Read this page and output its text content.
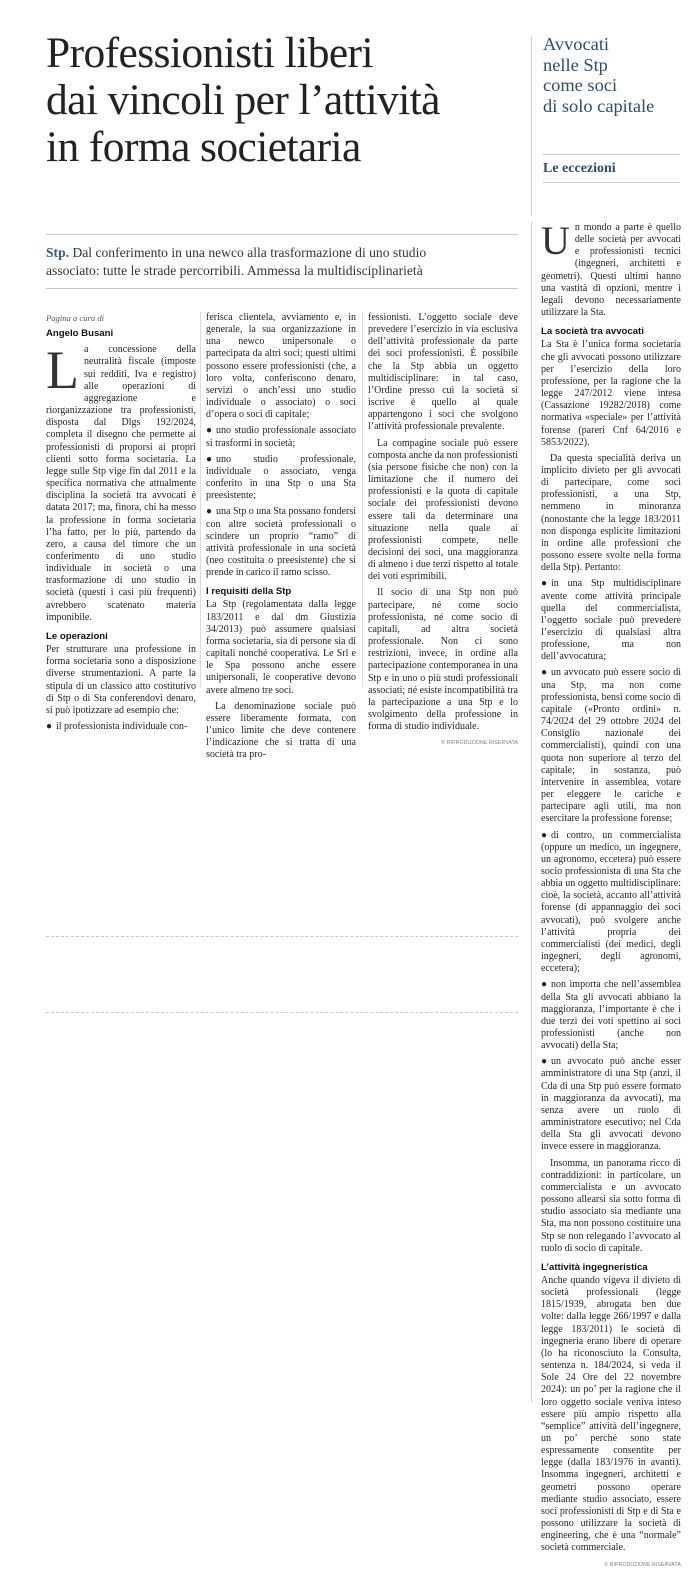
Professionisti liberi
dai vincoli per l’attività
in forma societaria
Avvocati
nelle Stp
come soci
di solo capitale
Le eccezioni
Stp. Dal conferimento in una newco alla trasformazione di uno studio
associato: tutte le strade percorribili. Ammessa la multidisciplinarietà

Pagina a cura di

Angelo Busani

La concessione della neutralità fiscale (imposte sui redditi, Iva e registro) alle operazioni di aggregazione e riorganizzazione tra professionisti, disposta dal Dlgs 192/2024, completa il disegno che permette ai professionisti di proporsi ai propri clienti sotto forma societaria. La legge sulle Stp vige fin dal 2011 e la specifica normativa che attualmente disciplina la società tra avvocati è datata 2017; ma, finora, chi ha messo la professione in forma societaria l’ha fatto, per lo più, partendo da zero, a causa del timore che un conferimento di uno studio individuale in società o una trasformazione di uno studio in società (questi i casi più frequenti) avrebbero scatenato materia imponibile.

Le operazioni

Per strutturare una professione in forma societaria sono a disposizione diverse strumentazioni. A parte la stipula di un classico atto costitutivo di Stp o di Sta conferendovi denaro, si può ipotizzare ad esempio che:

● il professionista individuale con-

ferisca clientela, avviamento e, in generale, la sua organizzazione in una newco unipersonale o partecipata da altri soci; questi ultimi possono essere professionisti (che, a loro volta, conferiscono denaro, servizi o anch’essi uno studio individuale o associato) o soci d’opera o soci di capitale;

● uno studio professionale associato si trasformi in società;

● uno studio professionale, individuale o associato, venga conferito in una Stp o una Sta preesistente;

● una Stp o una Sta possano fondersi con altre società professionali o scindere un proprio “ramo” di attività professionale in una società (neo costituita o preesistente) che si prende in carico il ramo scisso.

I requisiti della Stp

La Stp (regolamentata dalla legge 183/2011 e dal dm Giustizia 34/2013) può assumere qualsiasi forma societaria, sia di persone sia di capitali nonché cooperativa. Le Srl e le Spa possono anche essere unipersonali, le cooperative devono avere almeno tre soci.

La denominazione sociale può essere liberamente formata, con l’unico limite che deve contenere l’indicazione che si tratta di una società tra pro-

fessionisti. L’oggetto sociale deve prevedere l’esercizio in via esclusiva dell’attività professionale da parte dei soci professionisti. È possibile che la Stp abbia un oggetto multidisciplinare: in tal caso, l’Ordine presso cui la società si iscrive è quello al quale appartengono i soci che svolgono l’attività professionale prevalente.

La compagine sociale può essere composta anche da non professionisti (sia persone fisiche che non) con la limitazione che il numero dei professionisti e la quota di capitale sociale dei professionisti devono essere tali da determinare una situazione nella quale ai professionisti compete, nelle decisioni dei soci, una maggioranza di almeno i due terzi rispetto al totale dei voti esprimibili.

Il socio di una Stp non può partecipare, né come socio professionista, né come socio di capitali, ad altra società professionale. Non ci sono restrizioni, invece, in ordine alla partecipazione contemporanea in una Stp e in uno o più studi professionali associati; né esiste incompatibilità tra la partecipazione a una Stp e lo svolgimento della professione in forma di studio individuale.

© RIPRODUZIONE RISERVATA

Un mondo a parte è quello delle società per avvocati e professionisti tecnici (ingegneri, architetti e geometri). Questi ultimi hanno una vastità di opzioni, mentre i legali devono necessariamente utilizzare la Sta.

La società tra avvocati

La Sta è l’unica forma societaria che gli avvocati possono utilizzare per l’esercizio della loro professione, per la ragione che la legge 247/2012 viene intesa (Cassazione 19282/2018) come normativa «speciale» per l’attività forense (pareri Cnf 64/2016 e 5853/2022).

Da questa specialità deriva un implicito divieto per gli avvocati di partecipare, come soci professionisti, a una Stp, nemmeno in minoranza (nonostante che la legge 183/2011 non disponga esplicite limitazioni in ordine alle professioni che possono essere svolte nella forma della Stp). Pertanto:

● in una Stp multidisciplinare avente come attività principale quella del commercialista, l’oggetto sociale può prevedere l’esercizio di qualsiasi altra professione, ma non dell’avvocatura;

● un avvocato può essere socio di una Stp, ma non come professionista, bensì come socio di capitale («Pronto ordini» n. 74/2024 del 29 ottobre 2024 del Consiglio nazionale dei commercialisti), quindi con una quota non superiore al terzo del capitale; in sostanza, può intervenire in assemblea, votare per eleggere le cariche e partecipare agli utili, ma non esercitare la professione forense;

● di contro, un commercialista (oppure un medico, un ingegnere, un agronomo, eccetera) può essere socio professionista di una Sta che abbia un oggetto multidisciplinare: cioè, la società, accanto all’attività forense (di appannaggio dei soci avvocati), può svolgere anche l’attività propria dei commercialisti (dei medici, degli ingegneri, degli agronomi, eccetera);

● non importa che nell’assemblea della Sta gli avvocati abbiano la maggioranza, l’importante è che i due terzi dei voti spettino ai soci professionisti (anche non avvocati) della Sta;

● un avvocato può anche esser amministratore di una Stp (anzi, il Cda di una Stp può essere formato in maggioranza da avvocati), ma senza avere un ruolo di amministratore esecutivo; nel Cda della Sta gli avvocati devono invece essere in maggioranza.

Insomma, un panorama ricco di contraddizioni: in particolare, un commercialista e un avvocato possono allearsi sia sotto forma di studio associato sia mediante una Sta, ma non possono costituire una Stp se non relegando l’avvocato al ruolo di socio di capitale.

L’attività ingegneristica

Anche quando vigeva il divieto di società professionali (legge 1815/1939, abrogata ben due volte: dalla legge 266/1997 e dalla legge 183/2011) le società di ingegneria erano libere di operare (lo ha riconosciuto la Consulta, sentenza n. 184/2024, si veda il Sole 24 Ore del 22 novembre 2024): un po’ per la ragione che il loro oggetto sociale veniva inteso essere più ampio rispetto alla “semplice” attività dell’ingegnere, un po’ perché sono state espressamente consentite per legge (dalla 183/1976 in avanti). Insomma ingegneri, architetti e geometri possono operare mediante studio associato, essere soci professionisti di Stp e di Sta e possono utilizzare la società di engineering, che è una “normale” società commerciale.

© RIPRODUZIONE RISERVATA
